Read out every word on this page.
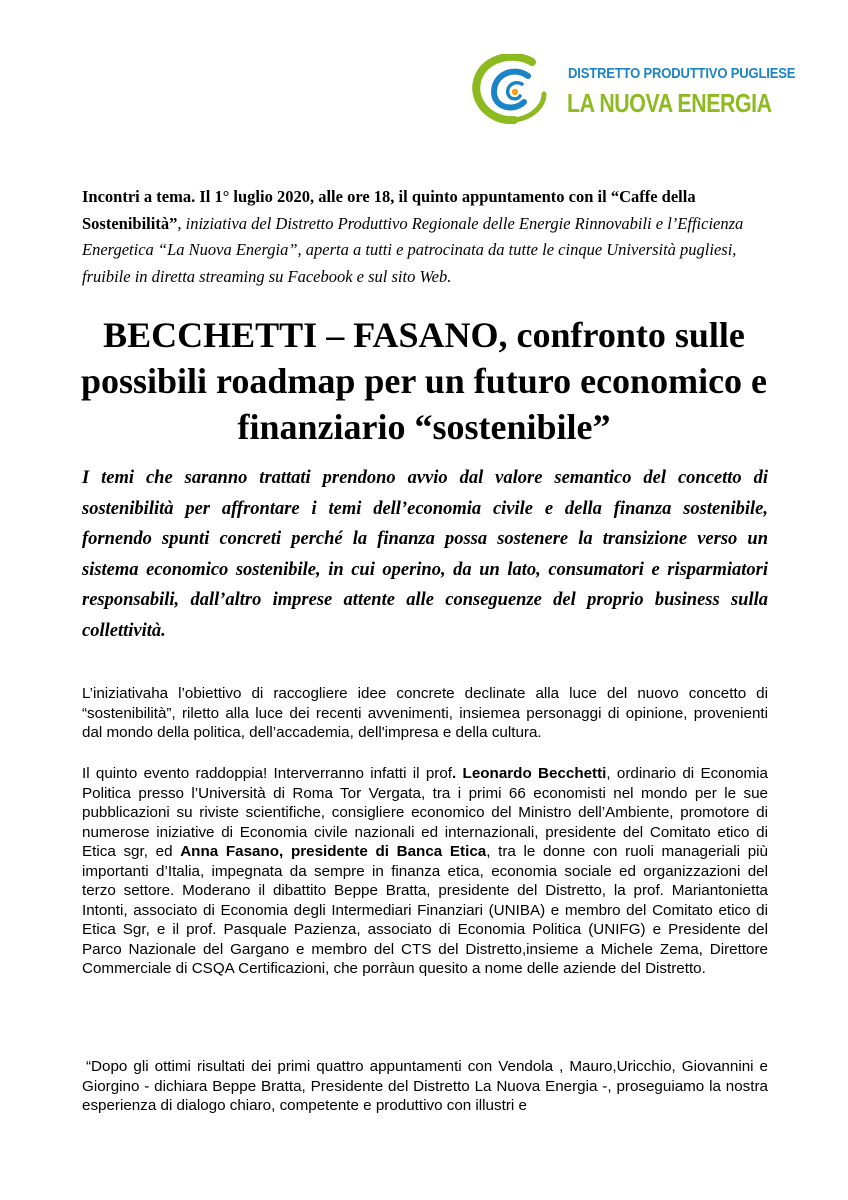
DISTRETTO PRODUTTIVO PUGLIESE
LA NUOVA ENERGIA
Incontri a tema. Il 1° luglio 2020, alle ore 18, il quinto appuntamento con il “Caffe della Sostenibilità”, iniziativa del Distretto Produttivo Regionale delle Energie Rinnovabili e l’Efficienza Energetica “La Nuova Energia”, aperta a tutti e patrocinata da tutte le cinque Università pugliesi, fruibile in diretta streaming su Facebook e sul sito Web.
BECCHETTI – FASANO, confronto sulle possibili roadmap per un futuro economico e finanziario “sostenibile”
I temi che saranno trattati prendono avvio dal valore semantico del concetto di sostenibilità per affrontare i temi dell’economia civile e della finanza sostenibile, fornendo spunti concreti perché la finanza possa sostenere la transizione verso un sistema economico sostenibile, in cui operino, da un lato, consumatori e risparmiatori responsabili, dall’altro imprese attente alle conseguenze del proprio business sulla collettività.
L’iniziativaha l’obiettivo di raccogliere idee concrete declinate alla luce del nuovo concetto di “sostenibilità”, riletto alla luce dei recenti avvenimenti, insiemea personaggi di opinione, provenienti dal mondo della politica, dell’accademia, dell'impresa e della cultura.
Il quinto evento raddoppia! Interverranno infatti il prof. Leonardo Becchetti, ordinario di Economia Politica presso l’Università di Roma Tor Vergata, tra i primi 66 economisti nel mondo per le sue pubblicazioni su riviste scientifiche, consigliere economico del Ministro dell’Ambiente, promotore di numerose iniziative di Economia civile nazionali ed internazionali, presidente del Comitato etico di Etica sgr, ed Anna Fasano, presidente di Banca Etica, tra le donne con ruoli manageriali più importanti d’Italia, impegnata da sempre in finanza etica, economia sociale ed organizzazioni del terzo settore. Moderano il dibattito Beppe Bratta, presidente del Distretto, la prof. Mariantonietta Intonti, associato di Economia degli Intermediari Finanziari (UNIBA) e membro del Comitato etico di Etica Sgr, e il prof. Pasquale Pazienza, associato di Economia Politica (UNIFG) e Presidente del Parco Nazionale del Gargano e membro del CTS del Distretto,insieme a Michele Zema, Direttore Commerciale di CSQA Certificazioni, che porràun quesito a nome delle aziende del Distretto.
“Dopo gli ottimi risultati dei primi quattro appuntamenti con Vendola , Mauro,Uricchio, Giovannini e Giorgino - dichiara Beppe Bratta, Presidente del Distretto La Nuova Energia -, proseguiamo la nostra esperienza di dialogo chiaro, competente e produttivo con illustri e
